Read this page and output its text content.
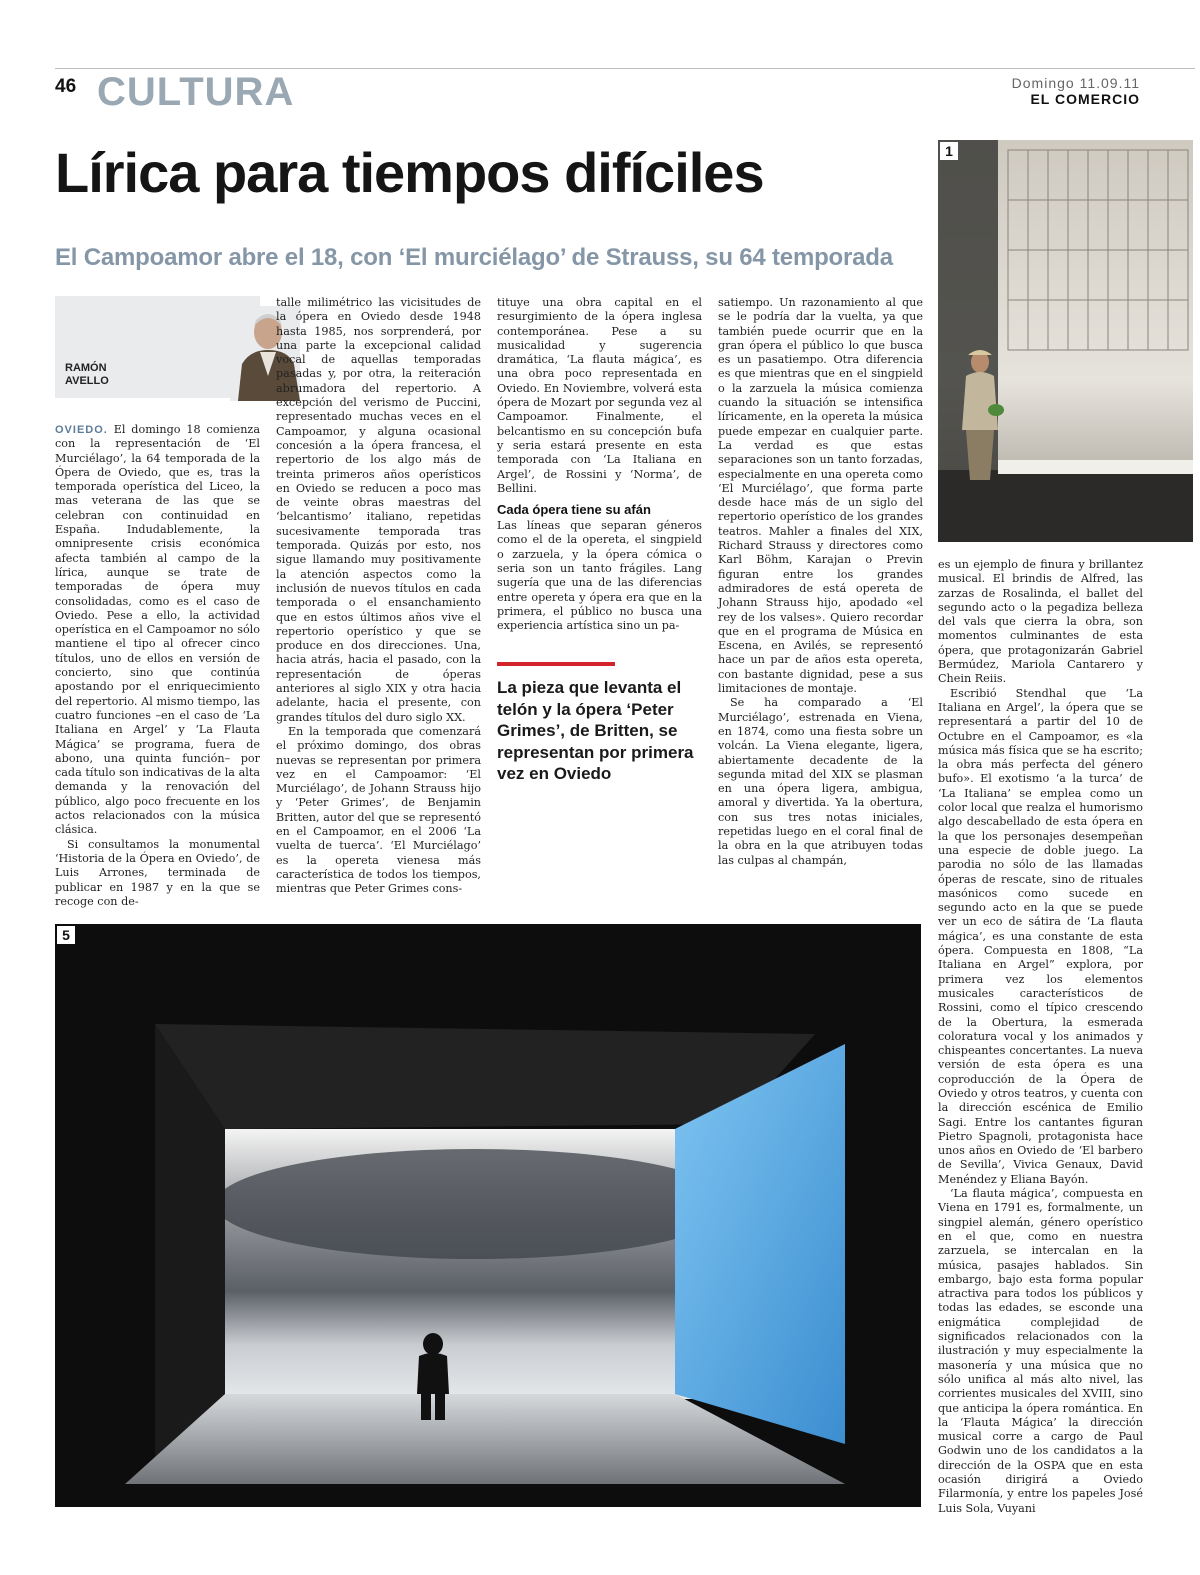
46 CULTURA	Domingo 11.09.11
EL COMERCIO
Lírica para tiempos difíciles
El Campoamor abre el 18, con ‘El murciélago’ de Strauss, su 64 temporada
RAMÓN
AVELLO

OVIEDO. El domingo 18 comienza con la representación de ‘El Murciélago’, la 64 temporada de la Ópera de Oviedo, que es, tras la temporada operística del Liceo, la mas veterana de las que se celebran con continuidad en España. Indudablemente, la omnipresente crisis económica afecta también al campo de la lírica, aunque se trate de temporadas de ópera muy consolidadas, como es el caso de Oviedo. Pese a ello, la actividad operística en el Campoamor no sólo mantiene el tipo al ofrecer cinco títulos, uno de ellos en versión de concierto, sino que continúa apostando por el enriquecimiento del repertorio. Al mismo tiempo, las cuatro funciones –en el caso de ‘La Italiana en Argel’ y ‘La Flauta Mágica’ se programa, fuera de abono, una quinta función– por cada título son indicativas de la alta demanda y la renovación del público, algo poco frecuente en los actos relacionados con la música clásica.

Si consultamos la monumental ‘Historia de la Ópera en Oviedo’, de Luis Arrones, terminada de publicar en 1987 y en la que se recoge con de-

talle milimétrico las vicisitudes de la ópera en Oviedo desde 1948 hasta 1985, nos sorprenderá, por una parte la excepcional calidad vocal de aquellas temporadas pasadas y, por otra, la reiteración abrumadora del repertorio. A excepción del verismo de Puccini, representado muchas veces en el Campoamor, y alguna ocasional concesión a la ópera francesa, el repertorio de los algo más de treinta primeros años operísticos en Oviedo se reducen a poco mas de veinte obras maestras del ‘belcantismo’ italiano, repetidas sucesivamente temporada tras temporada. Quizás por esto, nos sigue llamando muy positivamente la atención aspectos como la inclusión de nuevos títulos en cada temporada o el ensanchamiento que en estos últimos años vive el repertorio operístico y que se produce en dos direcciones. Una, hacia atrás, hacia el pasado, con la representación de óperas anteriores al siglo XIX y otra hacia adelante, hacia el presente, con grandes títulos del duro siglo XX.

En la temporada que comenzará el próximo domingo, dos obras nuevas se representan por primera vez en el Campoamor: ‘El Murciélago’, de Johann Strauss hijo y ‘Peter Grimes’, de Benjamin Britten, autor del que se representó en el Campoamor, en el 2006 ‘La vuelta de tuerca’. ‘El Murciélago’ es la opereta vienesa más característica de todos los tiempos, mientras que Peter Grimes cons-

tituye una obra capital en el resurgimiento de la ópera inglesa contemporánea. Pese a su musicalidad y sugerencia dramática, ‘La flauta mágica’, es una obra poco representada en Oviedo. En Noviembre, volverá esta ópera de Mozart por segunda vez al Campoamor. Finalmente, el belcantismo en su concepción bufa y seria estará presente en esta temporada con ‘La Italiana en Argel’, de Rossini y ‘Norma’, de Bellini.

Cada ópera tiene su afán

Las líneas que separan géneros como el de la opereta, el singpield o zarzuela, y la ópera cómica o seria son un tanto frágiles. Lang sugería que una de las diferencias entre opereta y ópera era que en la primera, el público no busca una experiencia artística sino un pa-

La pieza que levanta el telón y la ópera ‘Peter Grimes’, de Britten, se representan por primera vez en Oviedo

satiempo. Un razonamiento al que se le podría dar la vuelta, ya que también puede ocurrir que en la gran ópera el público lo que busca es un pasatiempo. Otra diferencia es que mientras que en el singpield o la zarzuela la música comienza cuando la situación se intensifica líricamente, en la opereta la música puede empezar en cualquier parte. La verdad es que estas separaciones son un tanto forzadas, especialmente en una opereta como ‘El Murciélago’, que forma parte desde hace más de un siglo del repertorio operístico de los grandes teatros. Mahler a finales del XIX, Richard Strauss y directores como Karl Böhm, Karajan o Previn figuran entre los grandes admiradores de está opereta de Johann Strauss hijo, apodado «el rey de los valses». Quiero recordar que en el programa de Música en Escena, en Avilés, se representó hace un par de años esta opereta, con bastante dignidad, pese a sus limitaciones de montaje.

Se ha comparado a ‘El Murciélago’, estrenada en Viena, en 1874, como una fiesta sobre un volcán. La Viena elegante, ligera, abiertamente decadente de la segunda mitad del XIX se plasman en una ópera ligera, ambigua, amoral y divertida. Ya la obertura, con sus tres notas iniciales, repetidas luego en el coral final de la obra en la que atribuyen todas las culpas al champán,

es un ejemplo de finura y brillantez musical. El brindis de Alfred, las zarzas de Rosalinda, el ballet del segundo acto o la pegadiza belleza del vals que cierra la obra, son momentos culminantes de esta ópera, que protagonizarán Gabriel Bermúdez, Mariola Cantarero y Chein Reiis.

Escribió Stendhal que ‘La Italiana en Argel’, la ópera que se representará a partir del 10 de Octubre en el Campoamor, es «la música más física que se ha escrito; la obra más perfecta del género bufo». El exotismo ‘a la turca’ de ‘La Italiana’ se emplea como un color local que realza el humorismo algo descabellado de esta ópera en la que los personajes desempeñan una especie de doble juego. La parodia no sólo de las llamadas óperas de rescate, sino de rituales masónicos como sucede en segundo acto en la que se puede ver un eco de sátira de ‘La flauta mágica’, es una constante de esta ópera. Compuesta en 1808, “La Italiana en Argel” explora, por primera vez los elementos musicales característicos de Rossini, como el típico crescendo de la Obertura, la esmerada coloratura vocal y los animados y chispeantes concertantes. La nueva versión de esta ópera es una coproducción de la Ópera de Oviedo y otros teatros, y cuenta con la dirección escénica de Emilio Sagi. Entre los cantantes figuran Pietro Spagnoli, protagonista hace unos años en Oviedo de ‘El barbero de Sevilla’, Vivica Genaux, David Menéndez y Eliana Bayón.

‘La flauta mágica’, compuesta en Viena en 1791 es, formalmente, un singpiel alemán, género operístico en el que, como en nuestra zarzuela, se intercalan en la música, pasajes hablados. Sin embargo, bajo esta forma popular atractiva para todos los públicos y todas las edades, se esconde una enigmática complejidad de significados relacionados con la ilustración y muy especialmente la masonería y una música que no sólo unifica al más alto nivel, las corrientes musicales del XVIII, sino que anticipa la ópera romántica. En la ‘Flauta Mágica’ la dirección musical corre a cargo de Paul Godwin uno de los candidatos a la dirección de la OSPA que en esta ocasión dirigirá a Oviedo Filarmonía, y entre los papeles José Luis Sola, Vuyani

1
5
